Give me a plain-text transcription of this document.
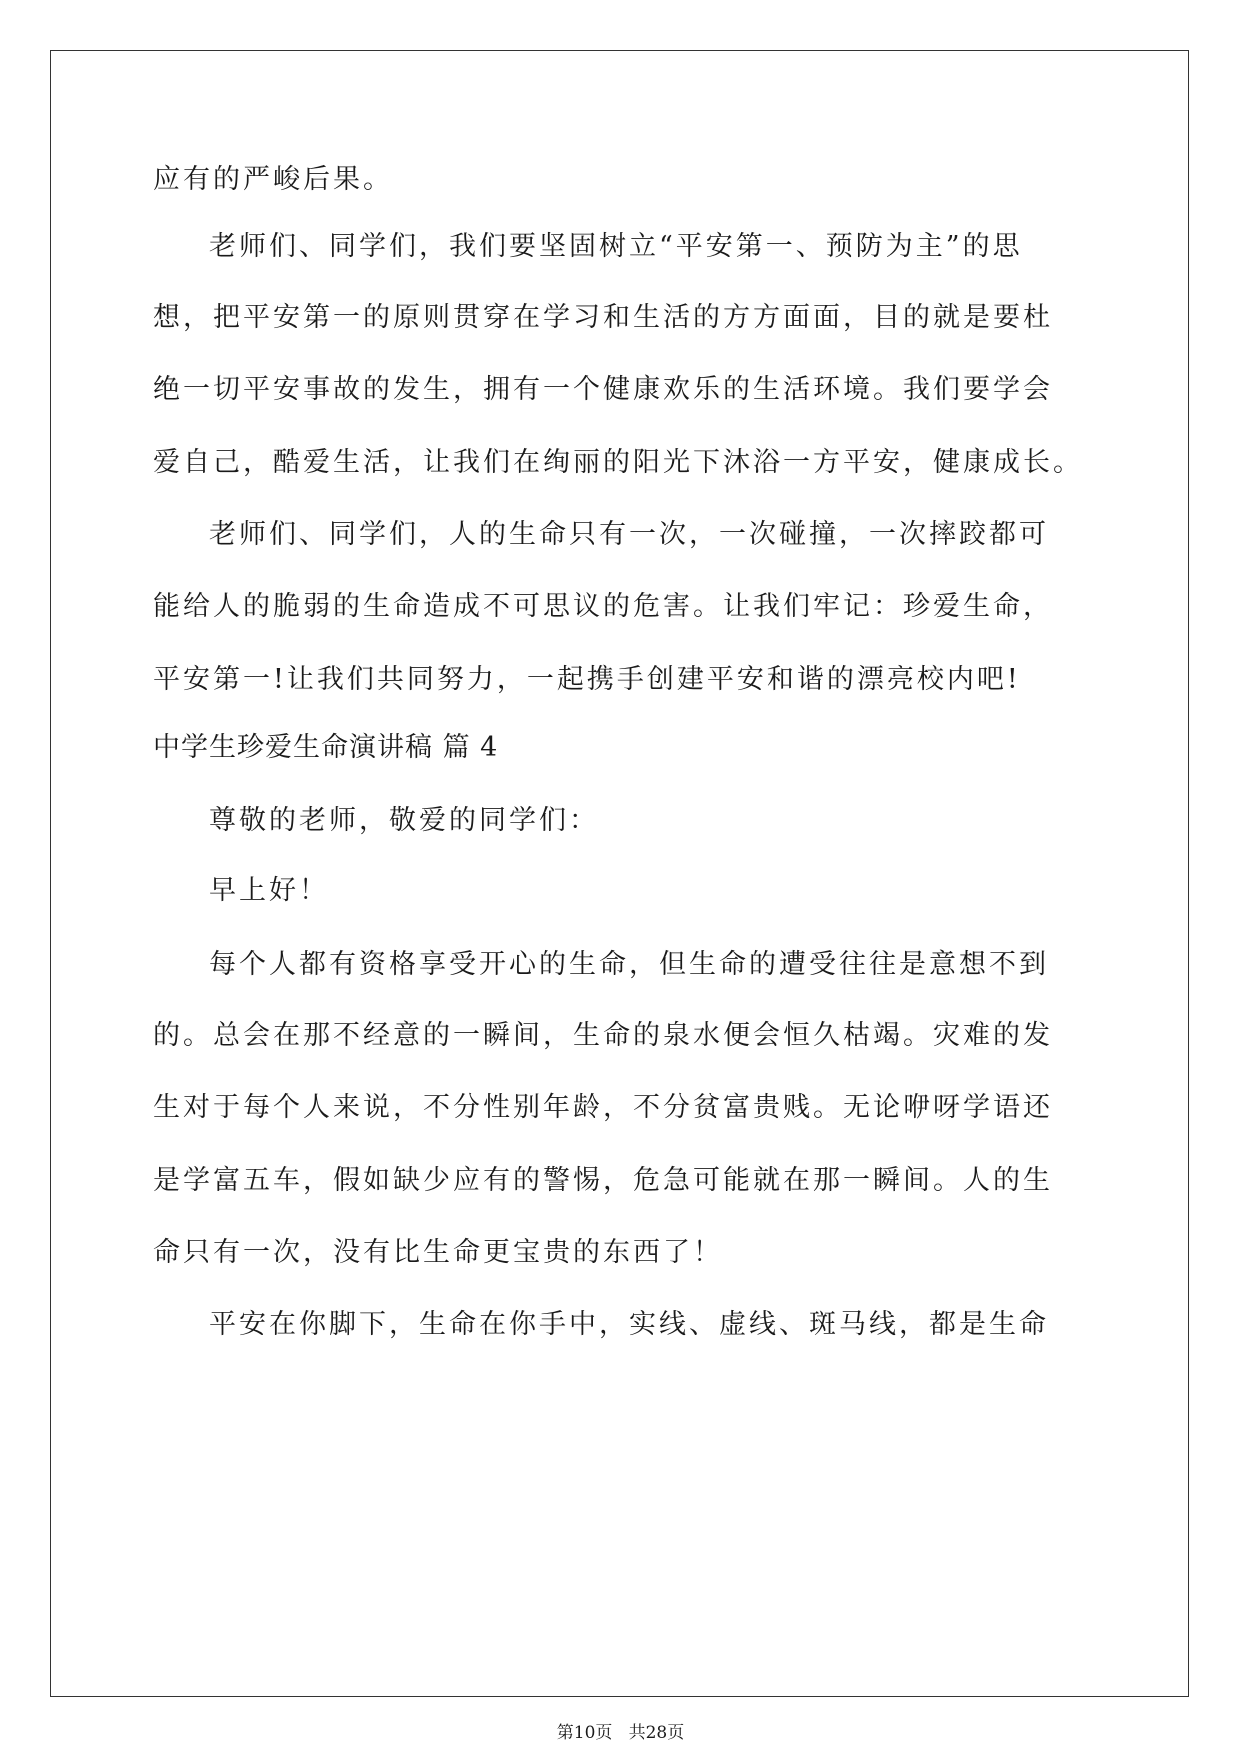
应有的严峻后果。
老师们、同学们，我们要坚固树立“平安第一、预防为主”的思
想，把平安第一的原则贯穿在学习和生活的方方面面，目的就是要杜
绝一切平安事故的发生，拥有一个健康欢乐的生活环境。我们要学会
爱自己，酷爱生活，让我们在绚丽的阳光下沐浴一方平安，健康成长。
老师们、同学们，人的生命只有一次，一次碰撞，一次摔跤都可
能给人的脆弱的生命造成不可思议的危害。让我们牢记：珍爱生命，
平安第一!让我们共同努力，一起携手创建平安和谐的漂亮校内吧!
中学生珍爱生命演讲稿 篇 4
尊敬的老师，敬爱的同学们：
早上好！
每个人都有资格享受开心的生命，但生命的遭受往往是意想不到
的。总会在那不经意的一瞬间，生命的泉水便会恒久枯竭。灾难的发
生对于每个人来说，不分性别年龄，不分贫富贵贱。无论咿呀学语还
是学富五车，假如缺少应有的警惕，危急可能就在那一瞬间。人的生
命只有一次，没有比生命更宝贵的东西了！
平安在你脚下，生命在你手中，实线、虚线、斑马线，都是生命
第10页 共28页
